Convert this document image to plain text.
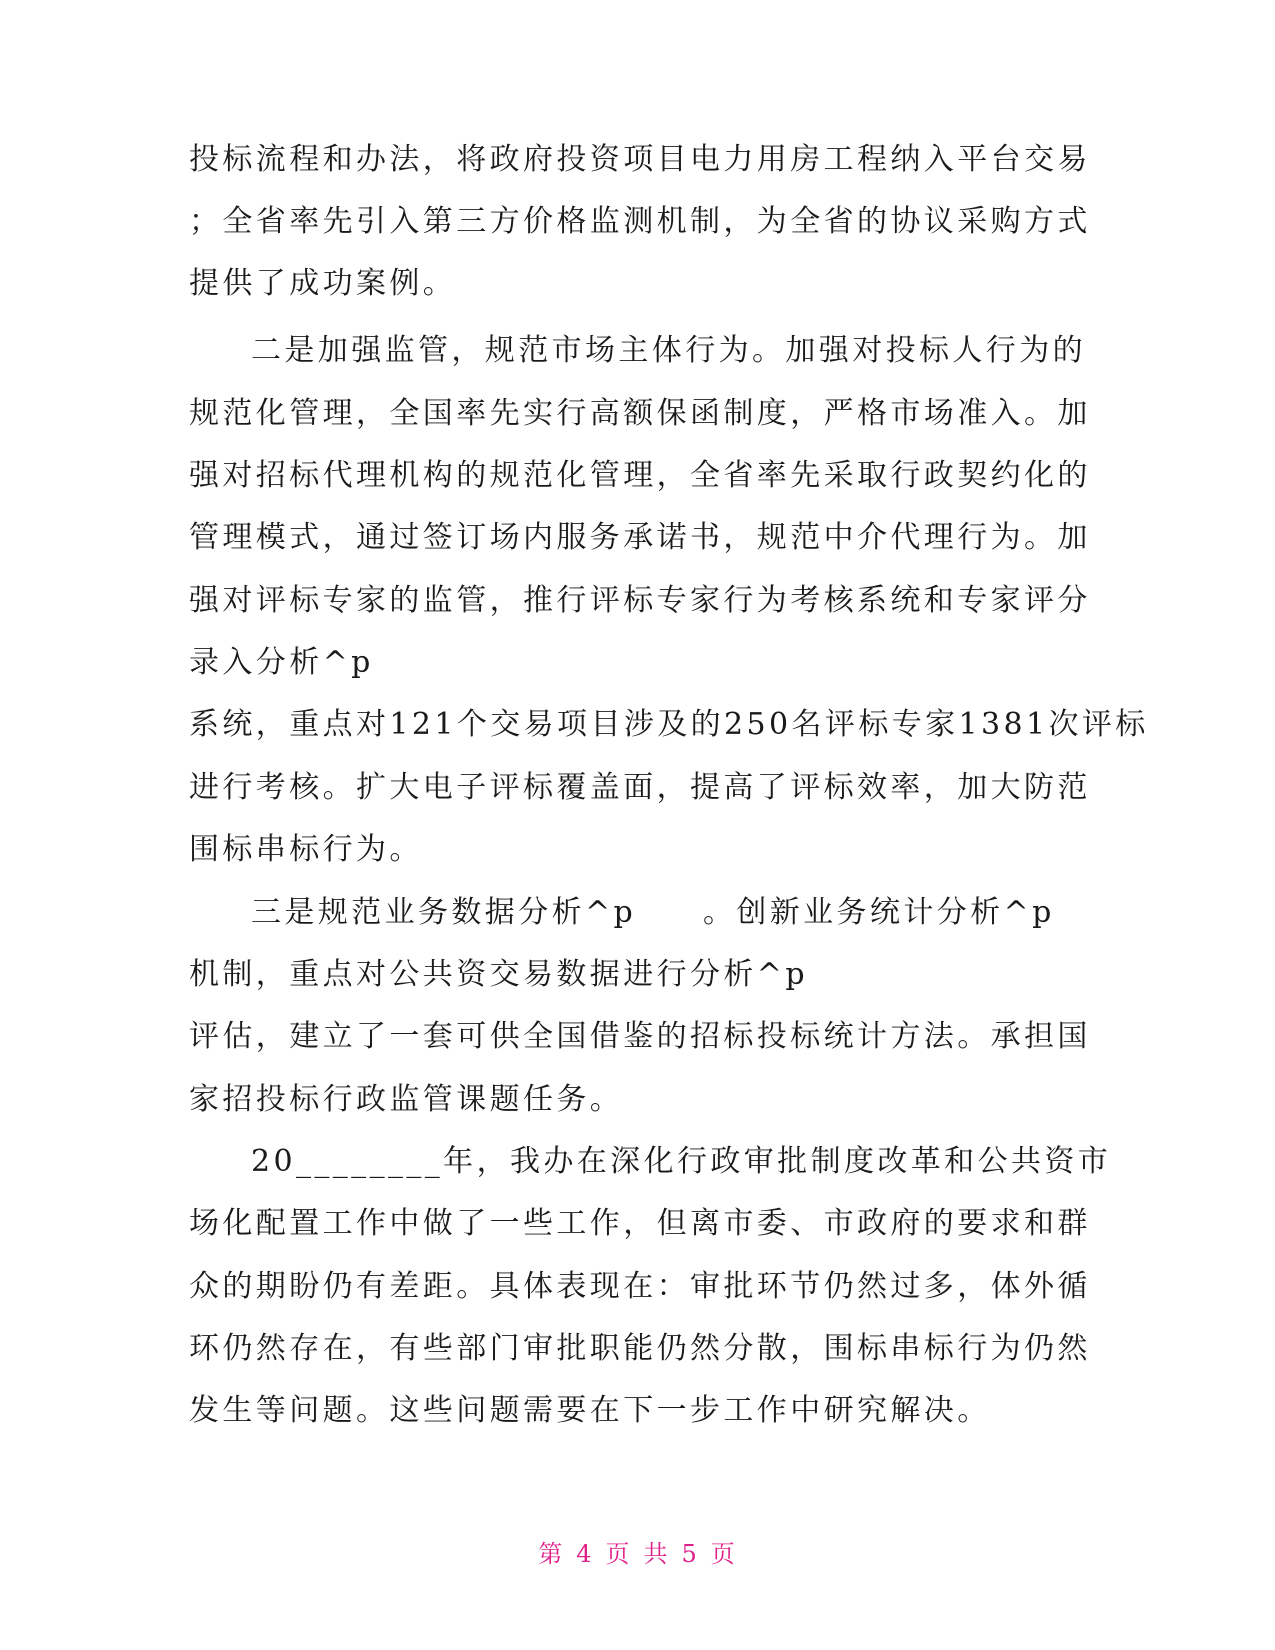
投标流程和办法，将政府投资项目电力用房工程纳入平台交易
；全省率先引入第三方价格监测机制，为全省的协议采购方式
提供了成功案例。
二是加强监管，规范市场主体行为。加强对投标人行为的
规范化管理，全国率先实行高额保函制度，严格市场准入。加
强对招标代理机构的规范化管理，全省率先采取行政契约化的
管理模式，通过签订场内服务承诺书，规范中介代理行为。加
强对评标专家的监管，推行评标专家行为考核系统和专家评分
录入分析^p
系统，重点对121个交易项目涉及的250名评标专家1381次评标
进行考核。扩大电子评标覆盖面，提高了评标效率，加大防范
围标串标行为。
三是规范业务数据分析^p　　。创新业务统计分析^p
机制，重点对公共资交易数据进行分析^p
评估，建立了一套可供全国借鉴的招标投标统计方法。承担国
家招投标行政监管课题任务。
20________年，我办在深化行政审批制度改革和公共资市
场化配置工作中做了一些工作，但离市委、市政府的要求和群
众的期盼仍有差距。具体表现在：审批环节仍然过多，体外循
环仍然存在，有些部门审批职能仍然分散，围标串标行为仍然
发生等问题。这些问题需要在下一步工作中研究解决。
第 4 页 共 5 页
